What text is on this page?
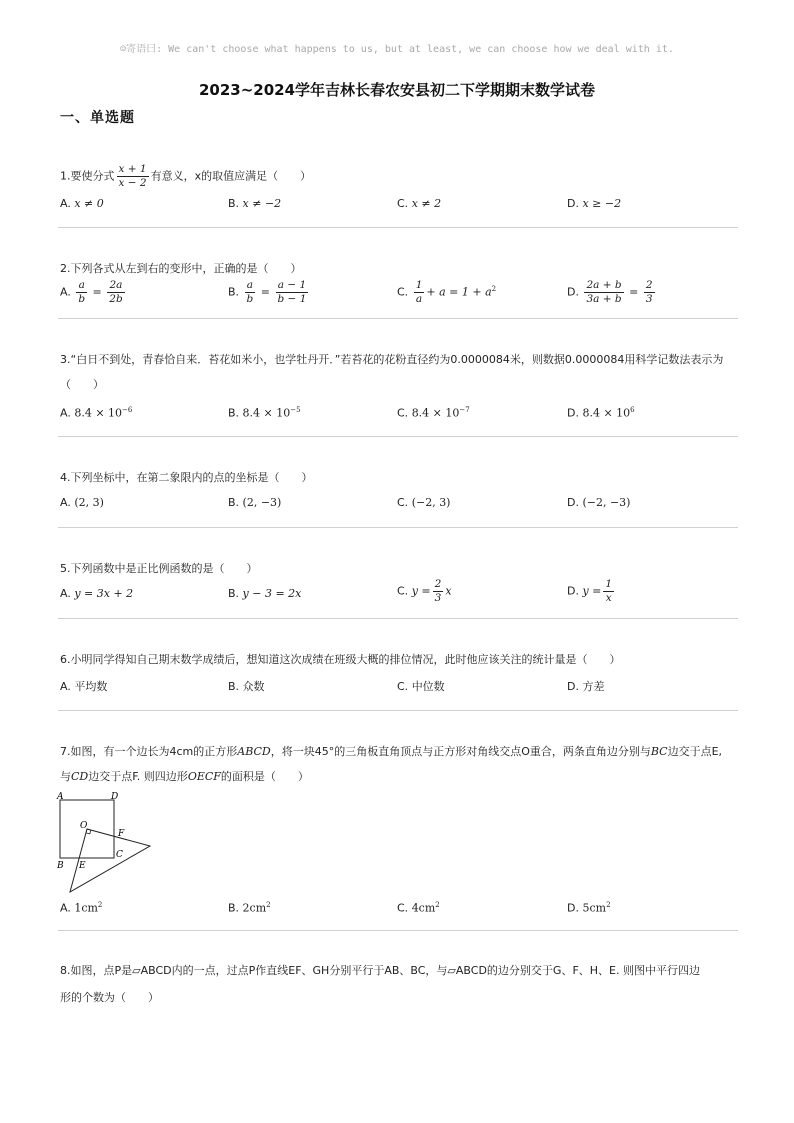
☺寄语曰: We can't choose what happens to us, but at least, we can choose how we deal with it.
2023~2024学年吉林长春农安县初二下学期期末数学试卷
一、单选题
1.要使分式 $\frac{x + 1}{x - 2}$ 有意义，x的取值应满足（　　）
A. x ≠ 0	B. x ≠ −2	C. x ≠ 2	D. x ≥ −2
2.下列各式从左到右的变形中，正确的是（　　）
A. $\frac{a}{b} = \frac{2a}{2b}$	B. $\frac{a}{b} = \frac{a - 1}{b - 1}$	C. $\frac{1}{a} + a = 1 + a^2$	D. $\frac{2a + b}{3a + b} = \frac{2}{3}$
3.“白日不到处，青春恰自来．苔花如米小，也学牡丹开．”若苔花的花粉直径约为0.0000084米，则数据0.0000084用科学记数法表示为
（　　）
A. $8.4 \times 10^{-6}$	B. $8.4 \times 10^{-5}$	C. $8.4 \times 10^{-7}$	D. $8.4 \times 10^6$
4.下列坐标中，在第二象限内的点的坐标是（　　）
A. (2, 3)	B. (2, −3)	C. (−2, 3)	D. (−2, −3)
5.下列函数中是正比例函数的是（　　）
A. y = 3x + 2	B. y − 3 = 2x	C. $y = \frac{2}{3}$ x	D. $y = \frac{1}{x}$
6.小明同学得知自己期末数学成绩后，想知道这次成绩在班级大概的排位情况，此时他应该关注的统计量是（　　）
A. 平均数	B. 众数	C. 中位数	D. 方差
7.如图，有一个边长为4cm的正方形ABCD，将一块45°的三角板直角顶点与正方形对角线交点O重合，两条直角边分别与BC边交于点E,
与CD边交于点F. 则四边形OECF的面积是（　　）
A	D
O
F
B E
C
A. $1cm^2$	B. $2cm^2$	C. $4cm^2$	D. $5cm^2$
8.如图，点P是▱ABCD内的一点，过点P作直线EF、GH分别平行于AB、BC，与▱ABCD的边分别交于G、F、H、E. 则图中平行四边
形的个数为（　　）
